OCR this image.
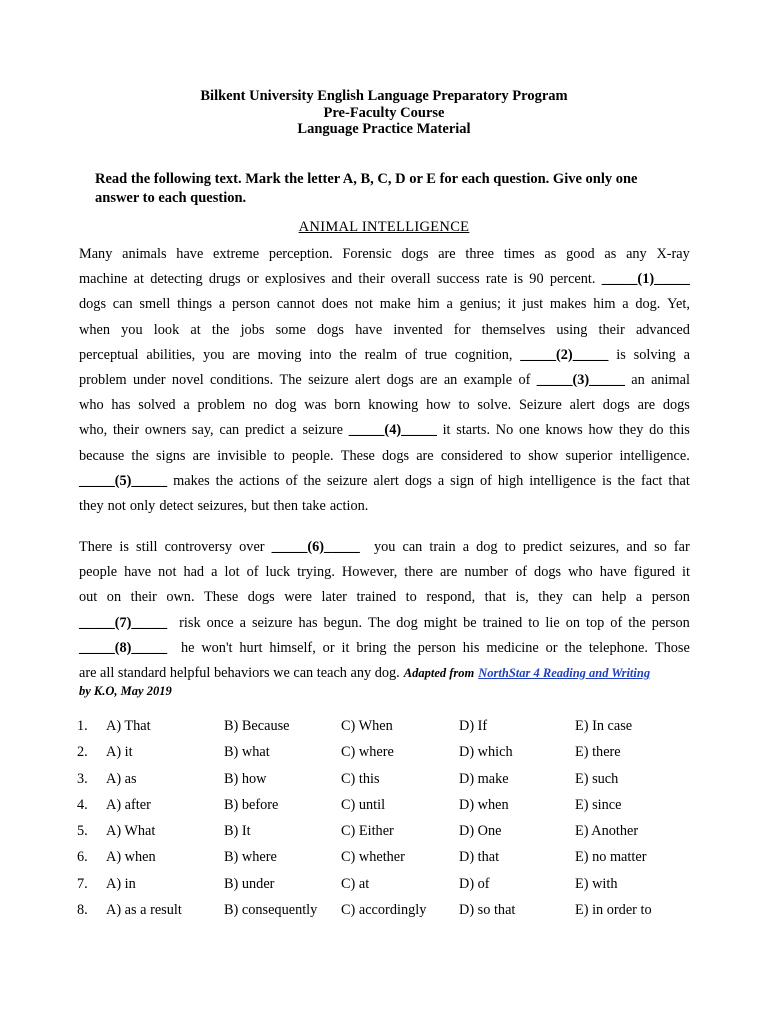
Bilkent University English Language Preparatory Program
Pre-Faculty Course
Language Practice Material
Read the following text. Mark the letter A, B, C, D or E for each question. Give only one
answer to each question.
ANIMAL INTELLIGENCE
Many animals have extreme perception. Forensic dogs are three times as good as any X-ray
machine at detecting drugs or explosives and their overall success rate is 90 percent. _____(1)_____
dogs can smell things a person cannot does not make him a genius; it just makes him a dog. Yet,
when you look at the jobs some dogs have invented for themselves using their advanced
perceptual abilities, you are moving into the realm of true cognition, _____(2)_____ is solving a
problem under novel conditions. The seizure alert dogs are an example of _____(3)_____ an animal
who has solved a problem no dog was born knowing how to solve. Seizure alert dogs are dogs
who, their owners say, can predict a seizure _____(4)_____ it starts. No one knows how they do this
because the signs are invisible to people. These dogs are considered to show superior intelligence.
_____(5)_____ makes the actions of the seizure alert dogs a sign of high intelligence is the fact that
they not only detect seizures, but then take action.
There is still controversy over _____(6)_____ you can train a dog to predict seizures, and so far
people have not had a lot of luck trying. However, there are number of dogs who have figured it
out on their own. These dogs were later trained to respond, that is, they can help a person
_____(7)_____ risk once a seizure has begun. The dog might be trained to lie on top of the person
_____(8)_____ he won't hurt himself, or it bring the person his medicine or the telephone. Those
are all standard helpful behaviors we can teach any dog. Adapted from NorthStar 4 Reading and Writing
by K.O, May 2019
1. A) That	B) Because	C) When	D) If	E) In case
2. A) it	B) what	C) where	D) which	E) there
3. A) as	B) how	C) this	D) make	E) such
4. A) after	B) before	C) until	D) when	E) since
5. A) What	B) It	C) Either	D) One	E) Another
6. A) when	B) where	C) whether	D) that	E) no matter
7. A) in	B) under	C) at	D) of	E) with
8. A) as a result	B) consequently C) accordingly D) so that	E) in order to
